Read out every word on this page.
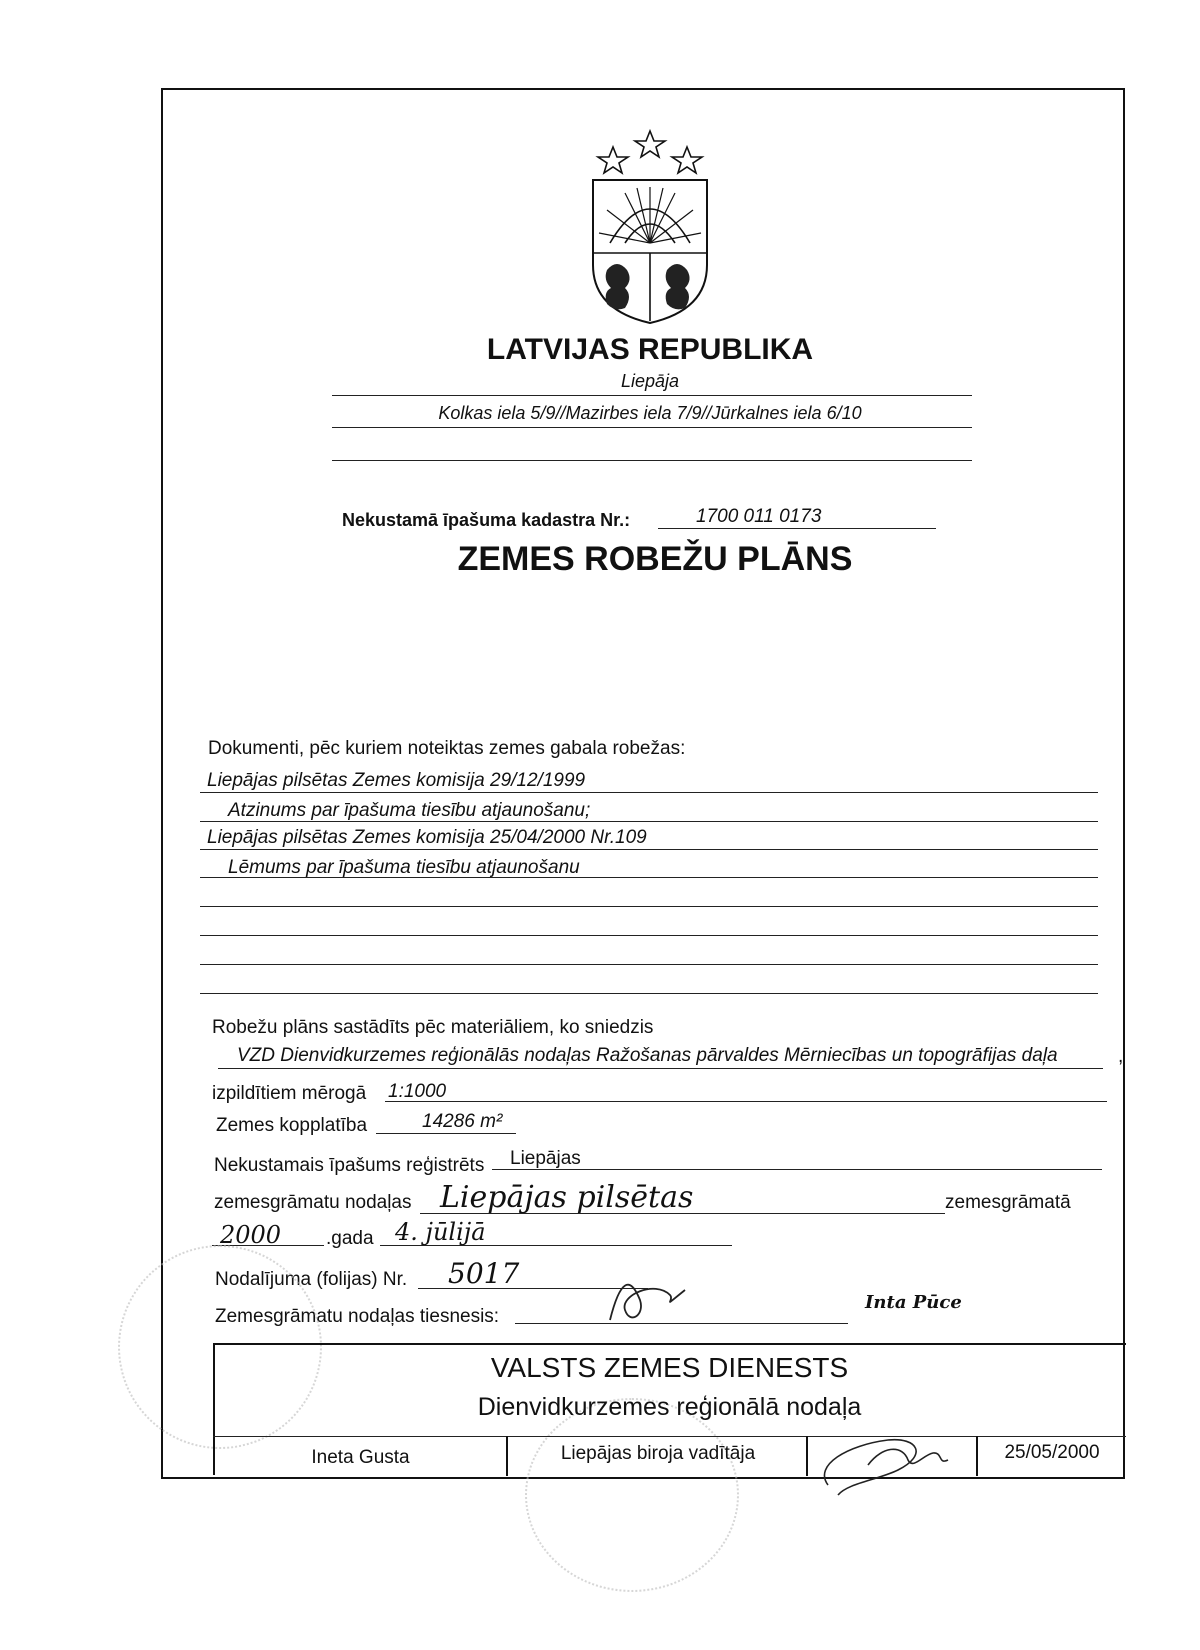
LATVIJAS REPUBLIKA
Liepāja
Kolkas iela 5/9//Mazirbes iela 7/9//Jūrkalnes iela 6/10
Nekustamā īpašuma kadastra Nr.:	1700 011 0173
ZEMES ROBEŽU PLĀNS
Dokumenti, pēc kuriem noteiktas zemes gabala robežas:
Liepājas pilsētas Zemes komisija 29/12/1999
Atzinums par īpašuma tiesību atjaunošanu;
Liepājas pilsētas Zemes komisija 25/04/2000 Nr.109
Lēmums par īpašuma tiesību atjaunošanu
Robežu plāns sastādīts pēc materiāliem, ko sniedzis
VZD Dienvidkurzemes reģionālās nodaļas Ražošanas pārvaldes Mērniecības un topogrāfijas daļa	,
izpildītiem mērogā 1:1000
Zemes kopplatība	14286 m²
Nekustamais īpašums reģistrēts Liepājas
zemesgrāmatu nodaļas Liepājas pilsētas	zemesgrāmatā
2000 .gada 4. jūlijā
Nodalījuma (folijas) Nr. 5017
Zemesgrāmatu nodaļas tiesnesis:
Inta Pūce
VALSTS ZEMES DIENESTS
Dienvidkurzemes reģionālā nodaļa
Ineta Gusta	Liepājas biroja vadītāja	25/05/2000
